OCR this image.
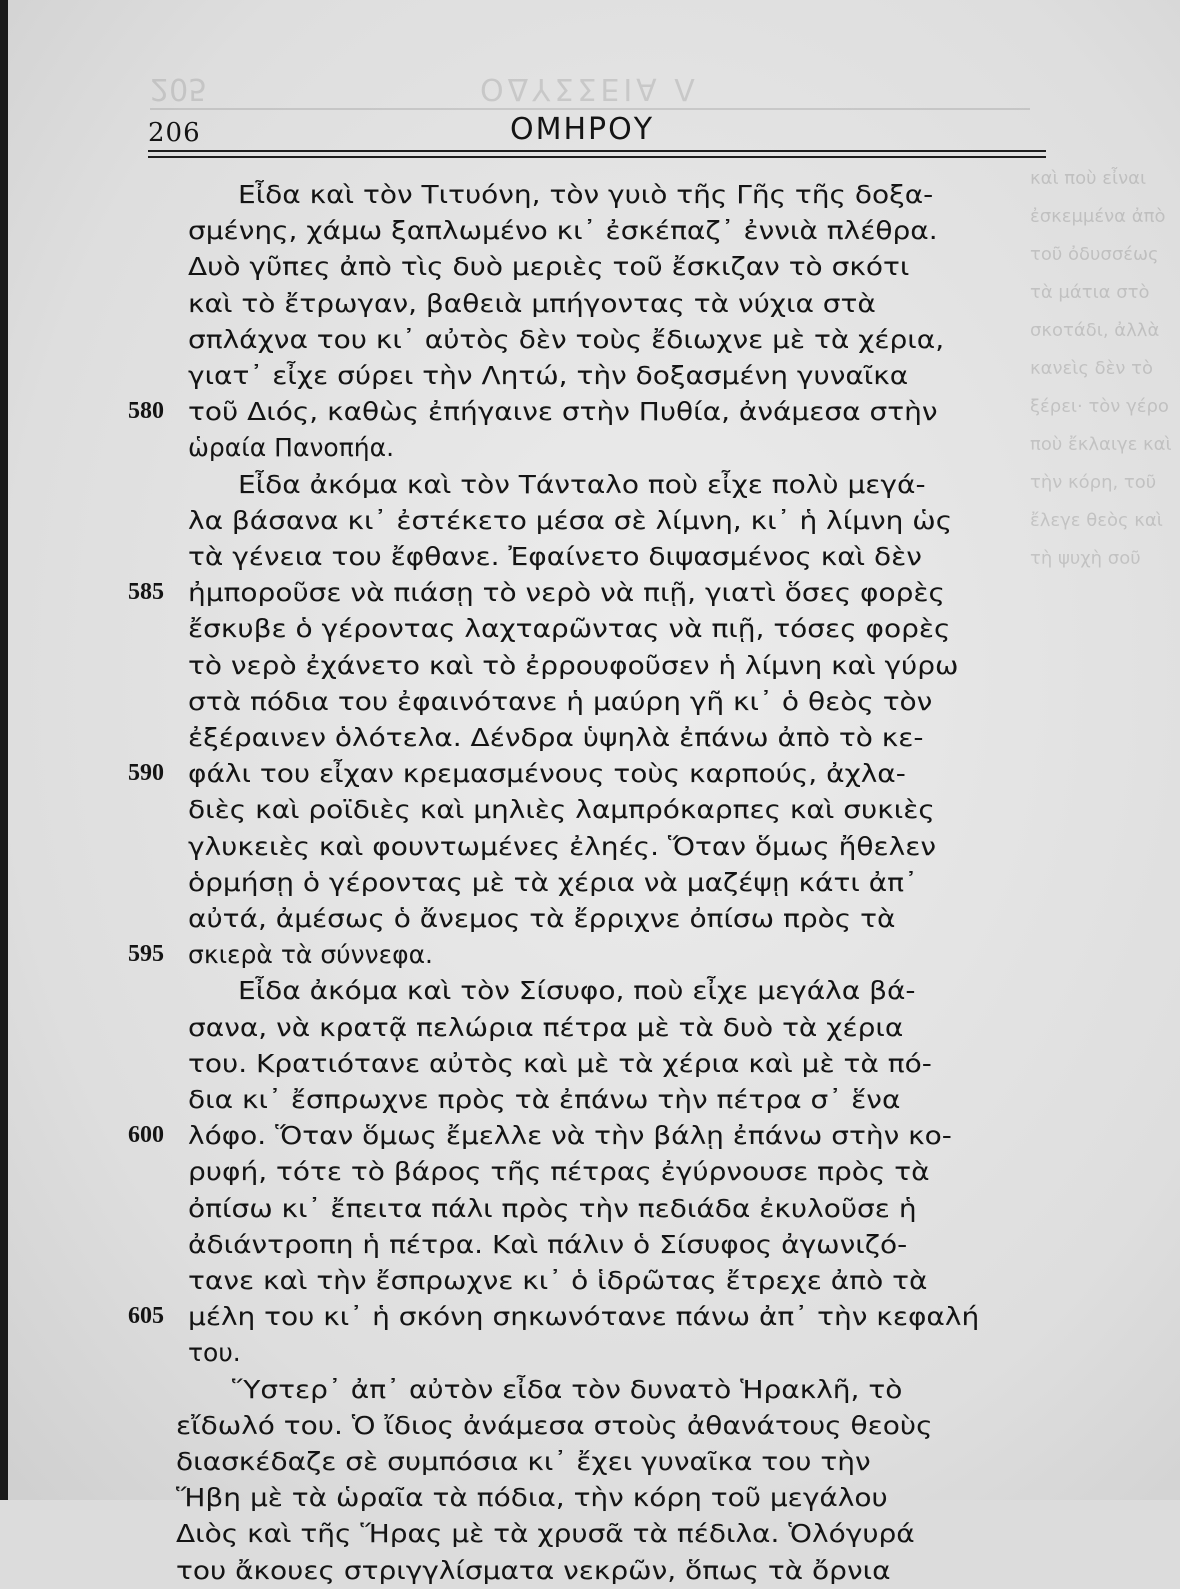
205	ΟΔΥΣΣΕΙΑ Λ
206	ΟΜΗΡΟΥ
καὶ ποὺ εἶναι ἐσκεμμένα ἀπὸ τοῦ ὀδυσσέως τὰ μάτια στὸ σκοτάδι, ἀλλὰ κανεὶς δὲν τὸ ξέρει· τὸν γέρο ποὺ ἔκλαιγε καὶ τὴν κόρη, τοῦ ἔλεγε θεὸς καὶ τὴ ψυχὴ σοῦ
Εἶδα καὶ τὸν Τιτυόνη, τὸν γυιὸ τῆς Γῆς τῆς δοξα-
σμένης, χάμω ξαπλωμένο κι᾽ ἐσκέπαζ᾽ ἐννιὰ πλέθρα.
Δυὸ γῦπες ἀπὸ τὶς δυὸ μεριὲς τοῦ ἔσκιζαν τὸ σκότι
καὶ τὸ ἔτρωγαν, βαθειὰ μπήγοντας τὰ νύχια στὰ
σπλάχνα του κι᾽ αὐτὸς δὲν τοὺς ἔδιωχνε μὲ τὰ χέρια,
γιατ᾽ εἶχε σύρει τὴν Λητώ, τὴν δοξασμένη γυναῖκα
τοῦ Διός, καθὼς ἐπήγαινε στὴν Πυθία, ἀνάμεσα στὴν
ὡραία Πανοπήα.
Εἶδα ἀκόμα καὶ τὸν Τάνταλο ποὺ εἶχε πολὺ μεγά-
λα βάσανα κι᾽ ἐστέκετο μέσα σὲ λίμνη, κι᾽ ἡ λίμνη ὡς
τὰ γένεια του ἔφθανε. Ἐφαίνετο διψασμένος καὶ δὲν
ἠμποροῦσε νὰ πιάσῃ τὸ νερὸ νὰ πιῇ, γιατὶ ὅσες φορὲς
ἔσκυβε ὁ γέροντας λαχταρῶντας νὰ πιῇ, τόσες φορὲς
τὸ νερὸ ἐχάνετο καὶ τὸ ἐρρουφοῦσεν ἡ λίμνη καὶ γύρω
στὰ πόδια του ἐφαινότανε ἡ μαύρη γῆ κι᾽ ὁ θεὸς τὸν
ἐξέραινεν ὁλότελα. Δένδρα ὑψηλὰ ἐπάνω ἀπὸ τὸ κε-
φάλι του εἶχαν κρεμασμένους τοὺς καρπούς, ἀχλα-
διὲς καὶ ροϊδιὲς καὶ μηλιὲς λαμπρόκαρπες καὶ συκιὲς
γλυκειὲς καὶ φουντωμένες ἐληές. Ὅταν ὅμως ἤθελεν
ὁρμήσῃ ὁ γέροντας μὲ τὰ χέρια νὰ μαζέψῃ κάτι ἀπ᾽
αὐτά, ἀμέσως ὁ ἄνεμος τὰ ἔρριχνε ὀπίσω πρὸς τὰ
σκιερὰ τὰ σύννεφα.
Εἶδα ἀκόμα καὶ τὸν Σίσυφο, ποὺ εἶχε μεγάλα βά-
σανα, νὰ κρατᾷ πελώρια πέτρα μὲ τὰ δυὸ τὰ χέρια
του. Κρατιότανε αὐτὸς καὶ μὲ τὰ χέρια καὶ μὲ τὰ πό-
δια κι᾽ ἔσπρωχνε πρὸς τὰ ἐπάνω τὴν πέτρα σ᾽ ἕνα
λόφο. Ὅταν ὅμως ἔμελλε νὰ τὴν βάλῃ ἐπάνω στὴν κο-
ρυφή, τότε τὸ βάρος τῆς πέτρας ἐγύρνουσε πρὸς τὰ
ὀπίσω κι᾽ ἔπειτα πάλι πρὸς τὴν πεδιάδα ἐκυλοῦσε ἡ
ἀδιάντροπη ἡ πέτρα. Καὶ πάλιν ὁ Σίσυφος ἀγωνιζό-
τανε καὶ τὴν ἔσπρωχνε κι᾽ ὁ ἱδρῶτας ἔτρεχε ἀπὸ τὰ
μέλη του κι᾽ ἡ σκόνη σηκωνότανε πάνω ἀπ᾽ τὴν κεφαλή
του.
Ὕστερ᾽ ἀπ᾽ αὐτὸν εἶδα τὸν δυνατὸ Ἡρακλῆ, τὸ
εἴδωλό του. Ὁ ἴδιος ἀνάμεσα στοὺς ἀθανάτους θεοὺς
διασκέδαζε σὲ συμπόσια κι᾽ ἔχει γυναῖκα του τὴν
Ἥβη μὲ τὰ ὡραῖα τὰ πόδια, τὴν κόρη τοῦ μεγάλου
Διὸς καὶ τῆς Ἥρας μὲ τὰ χρυσᾶ τὰ πέδιλα. Ὁλόγυρά
του ἄκουες στριγγλίσματα νεκρῶν, ὅπως τὰ ὄρνια
580
585
590
595
600
605
